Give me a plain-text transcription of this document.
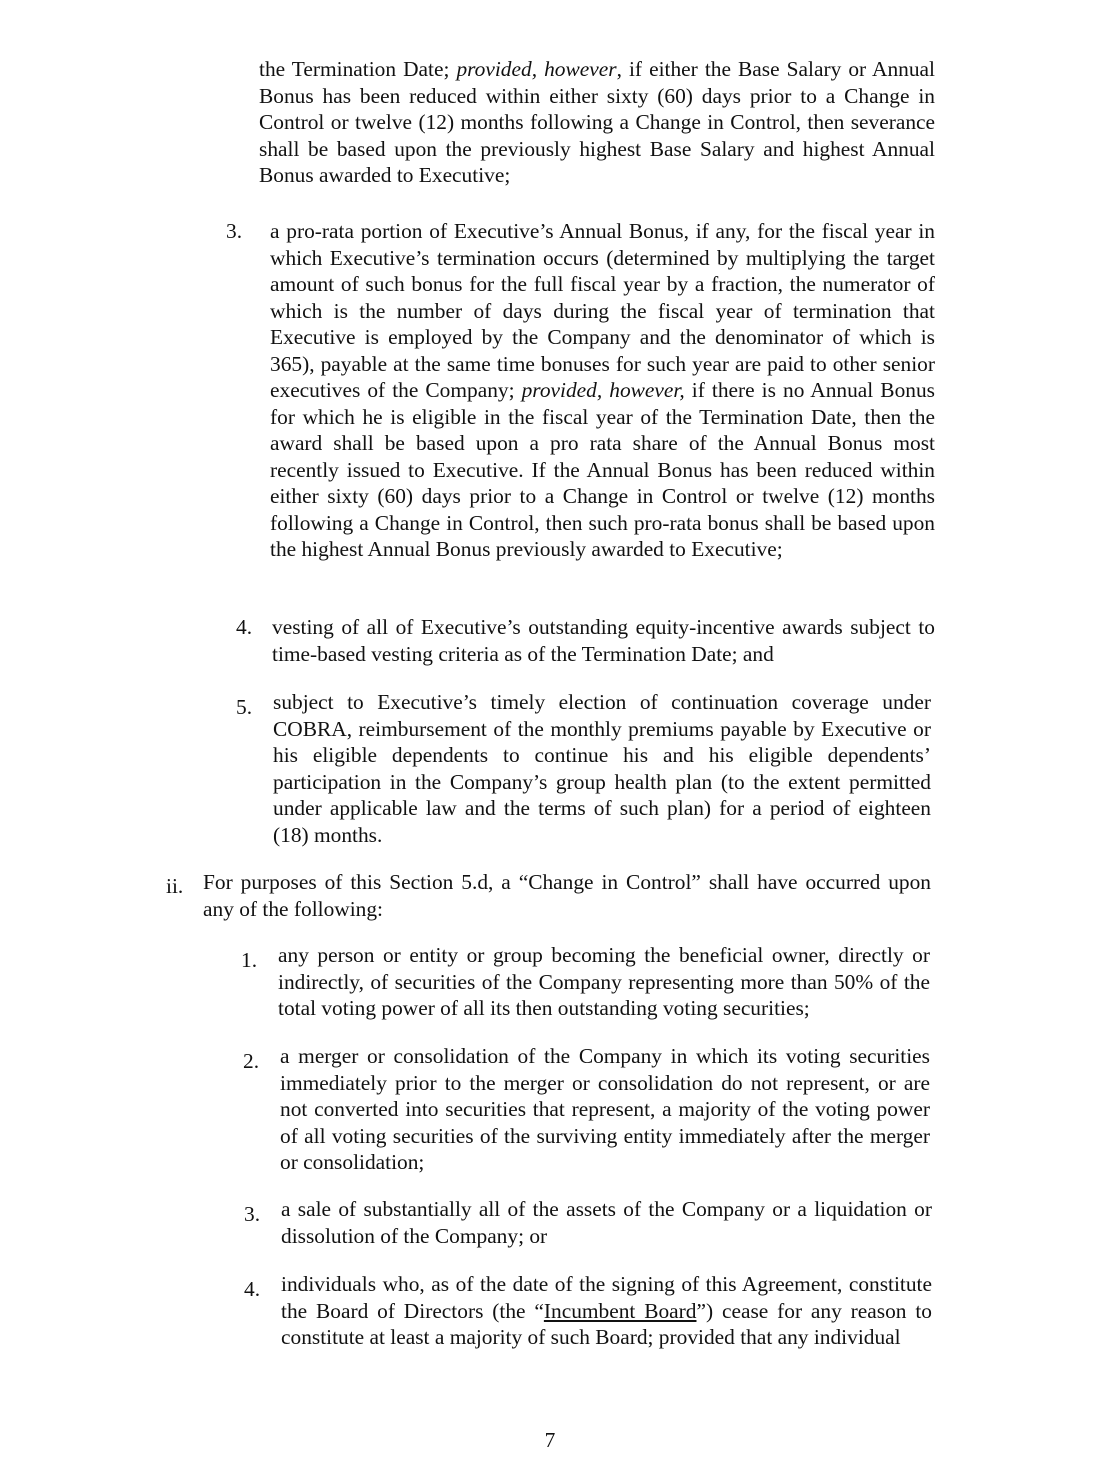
the Termination Date; provided, however, if either the Base Salary or Annual Bonus has been reduced within either sixty (60) days prior to a Change in Control or twelve (12) months following a Change in Control, then severance shall be based upon the previously highest Base Salary and highest Annual Bonus awarded to Executive;
3. a pro-rata portion of Executive’s Annual Bonus, if any, for the fiscal year in which Executive’s termination occurs (determined by multiplying the target amount of such bonus for the full fiscal year by a fraction, the numerator of which is the number of days during the fiscal year of termination that Executive is employed by the Company and the denominator of which is 365), payable at the same time bonuses for such year are paid to other senior executives of the Company; provided, however, if there is no Annual Bonus for which he is eligible in the fiscal year of the Termination Date, then the award shall be based upon a pro rata share of the Annual Bonus most recently issued to Executive. If the Annual Bonus has been reduced within either sixty (60) days prior to a Change in Control or twelve (12) months following a Change in Control, then such pro-rata bonus shall be based upon the highest Annual Bonus previously awarded to Executive;
4. vesting of all of Executive’s outstanding equity-incentive awards subject to time-based vesting criteria as of the Termination Date; and
5. subject to Executive’s timely election of continuation coverage under COBRA, reimbursement of the monthly premiums payable by Executive or his eligible dependents to continue his and his eligible dependents’ participation in the Company’s group health plan (to the extent permitted under applicable law and the terms of such plan) for a period of eighteen (18) months.
ii. For purposes of this Section 5.d, a “Change in Control” shall have occurred upon any of the following:
1. any person or entity or group becoming the beneficial owner, directly or indirectly, of securities of the Company representing more than 50% of the total voting power of all its then outstanding voting securities;
2. a merger or consolidation of the Company in which its voting securities immediately prior to the merger or consolidation do not represent, or are not converted into securities that represent, a majority of the voting power of all voting securities of the surviving entity immediately after the merger or consolidation;
3. a sale of substantially all of the assets of the Company or a liquidation or dissolution of the Company; or
4. individuals who, as of the date of the signing of this Agreement, constitute the Board of Directors (the “Incumbent Board”) cease for any reason to constitute at least a majority of such Board; provided that any individual
7
